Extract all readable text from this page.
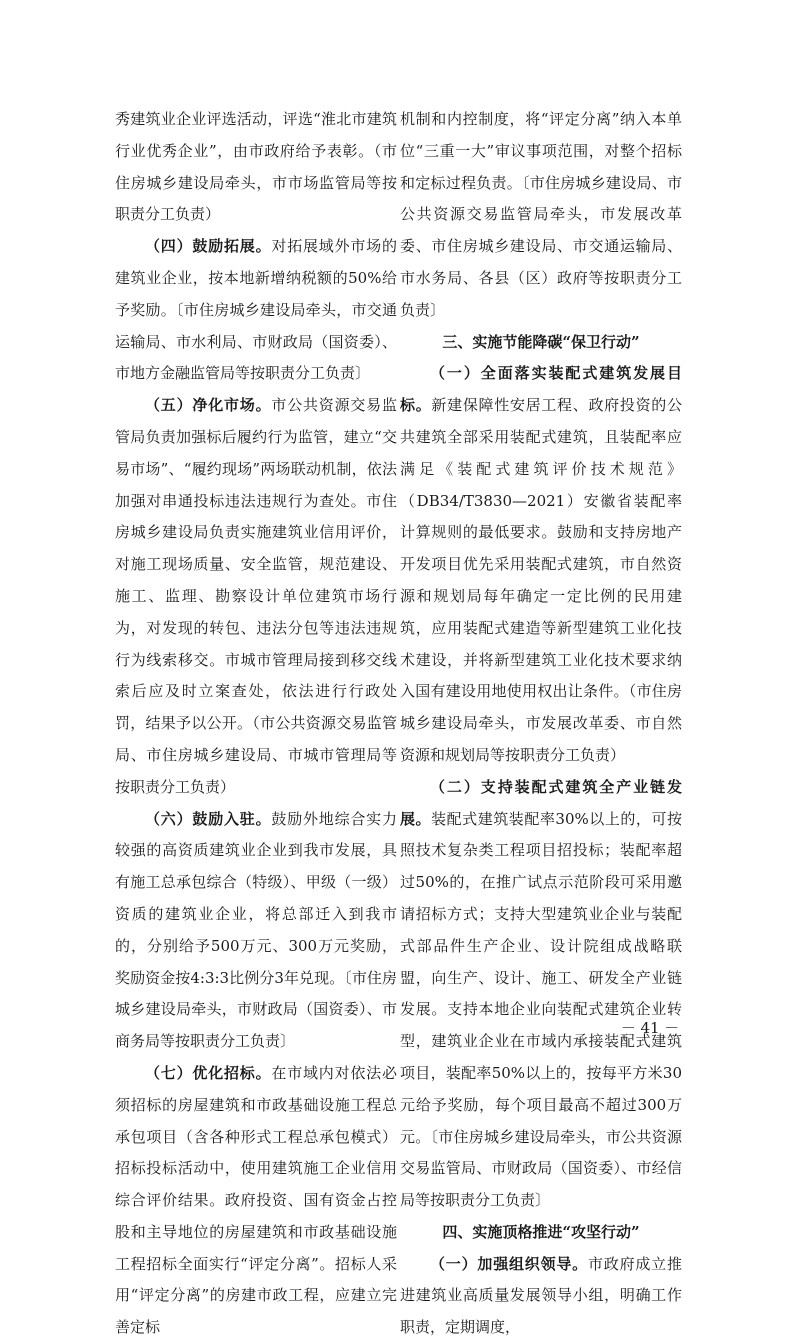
秀建筑业企业评选活动，评选“淮北市建筑行业优秀企业”，由市政府给予表彰。（市住房城乡建设局牵头，市市场监管局等按职责分工负责）

（四）鼓励拓展。对拓展域外市场的建筑业企业，按本地新增纳税额的50%给予奖励。〔市住房城乡建设局牵头，市交通运输局、市水利局、市财政局（国资委）、市地方金融监管局等按职责分工负责〕

（五）净化市场。市公共资源交易监管局负责加强标后履约行为监管，建立“交易市场”、“履约现场”两场联动机制，依法加强对串通投标违法违规行为查处。市住房城乡建设局负责实施建筑业信用评价，对施工现场质量、安全监管，规范建设、施工、监理、勘察设计单位建筑市场行为，对发现的转包、违法分包等违法违规行为线索移交。市城市管理局接到移交线索后应及时立案查处，依法进行行政处罚，结果予以公开。（市公共资源交易监管局、市住房城乡建设局、市城市管理局等按职责分工负责）

（六）鼓励入驻。鼓励外地综合实力较强的高资质建筑业企业到我市发展，具有施工总承包综合（特级）、甲级（一级）资质的建筑业企业，将总部迁入到我市的，分别给予500万元、300万元奖励，奖励资金按4:3:3比例分3年兑现。〔市住房城乡建设局牵头，市财政局（国资委）、市商务局等按职责分工负责〕

（七）优化招标。在市域内对依法必须招标的房屋建筑和市政基础设施工程总承包项目（含各种形式工程总承包模式）招标投标活动中，使用建筑施工企业信用综合评价结果。政府投资、国有资金占控股和主导地位的房屋建筑和市政基础设施工程招标全面实行“评定分离”。招标人采用“评定分离”的房建市政工程，应建立完善定标

机制和内控制度，将“评定分离”纳入本单位“三重一大”审议事项范围，对整个招标和定标过程负责。〔市住房城乡建设局、市公共资源交易监管局牵头，市发展改革委、市住房城乡建设局、市交通运输局、市水务局、各县（区）政府等按职责分工负责〕

三、实施节能降碳“保卫行动”

（一）全面落实装配式建筑发展目标。新建保障性安居工程、政府投资的公共建筑全部采用装配式建筑，且装配率应满足《装配式建筑评价技术规范》（DB34/T3830—2021）安徽省装配率计算规则的最低要求。鼓励和支持房地产开发项目优先采用装配式建筑，市自然资源和规划局每年确定一定比例的民用建筑，应用装配式建造等新型建筑工业化技术建设，并将新型建筑工业化技术要求纳入国有建设用地使用权出让条件。（市住房城乡建设局牵头，市发展改革委、市自然资源和规划局等按职责分工负责）

（二）支持装配式建筑全产业链发展。装配式建筑装配率30%以上的，可按照技术复杂类工程项目招投标；装配率超过50%的，在推广试点示范阶段可采用邀请招标方式；支持大型建筑业企业与装配式部品件生产企业、设计院组成战略联盟，向生产、设计、施工、研发全产业链发展。支持本地企业向装配式建筑企业转型，建筑业企业在市域内承接装配式建筑项目，装配率50%以上的，按每平方米30元给予奖励，每个项目最高不超过300万元。〔市住房城乡建设局牵头，市公共资源交易监管局、市财政局（国资委）、市经信局等按职责分工负责〕

四、实施顶格推进“攻坚行动”

（一）加强组织领导。市政府成立推进建筑业高质量发展领导小组，明确工作职责，定期调度，

－ 41 －
